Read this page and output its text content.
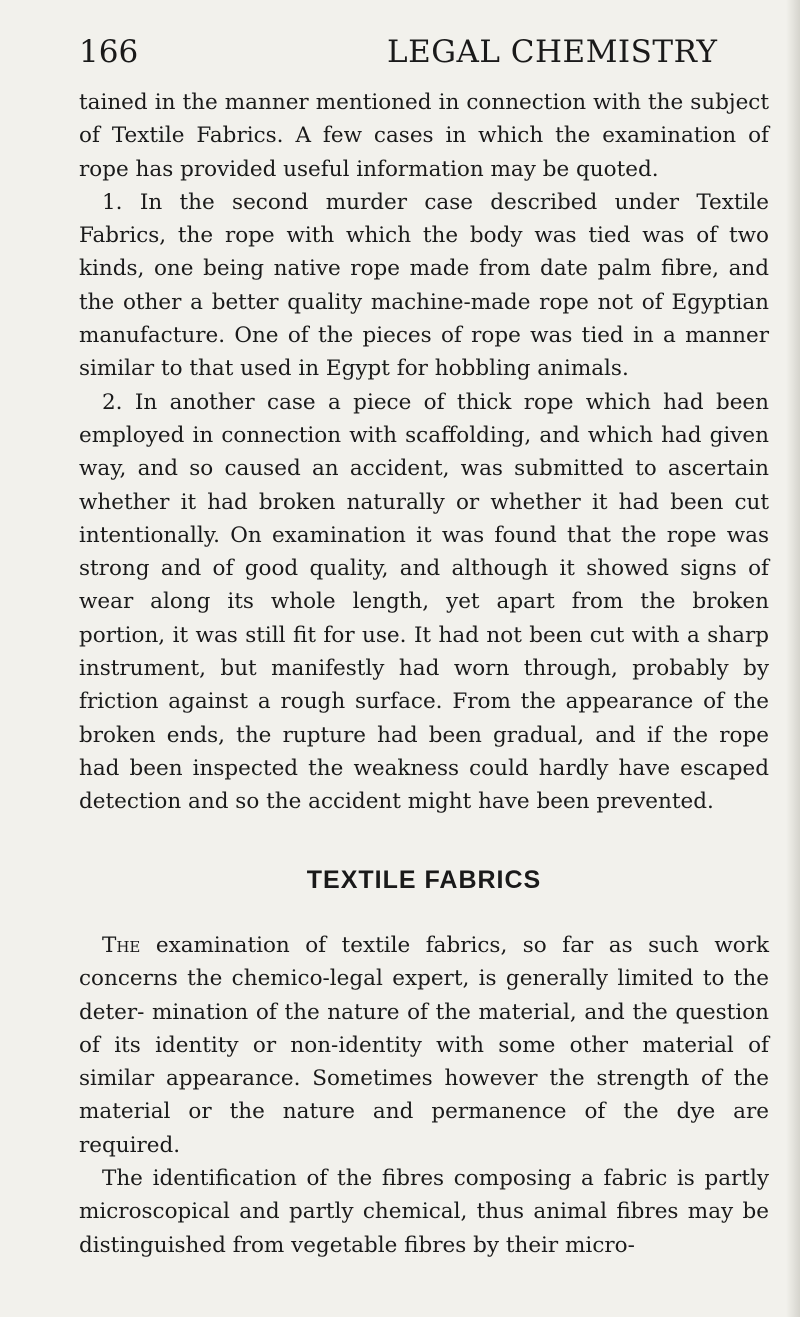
166	LEGAL CHEMISTRY

tained in the manner mentioned in connection with the subject of Textile Fabrics. A few cases in which the examination of rope has provided useful information may be quoted.

1. In the second murder case described under Textile Fabrics, the rope with which the body was tied was of two kinds, one being native rope made from date palm fibre, and the other a better quality machine-made rope not of Egyptian manufacture. One of the pieces of rope was tied in a manner similar to that used in Egypt for hobbling animals.

2. In another case a piece of thick rope which had been employed in connection with scaffolding, and which had given way, and so caused an accident, was submitted to ascertain whether it had broken naturally or whether it had been cut intentionally. On examination it was found that the rope was strong and of good quality, and although it showed signs of wear along its whole length, yet apart from the broken portion, it was still fit for use. It had not been cut with a sharp instrument, but manifestly had worn through, probably by friction against a rough surface. From the appearance of the broken ends, the rupture had been gradual, and if the rope had been inspected the weakness could hardly have escaped detection and so the accident might have been prevented.

TEXTILE FABRICS

The examination of textile fabrics, so far as such work concerns the chemico-legal expert, is generally limited to the deter- mination of the nature of the material, and the question of its identity or non-identity with some other material of similar appearance. Sometimes however the strength of the material or the nature and permanence of the dye are required.

The identification of the fibres composing a fabric is partly microscopical and partly chemical, thus animal fibres may be distinguished from vegetable fibres by their micro-
